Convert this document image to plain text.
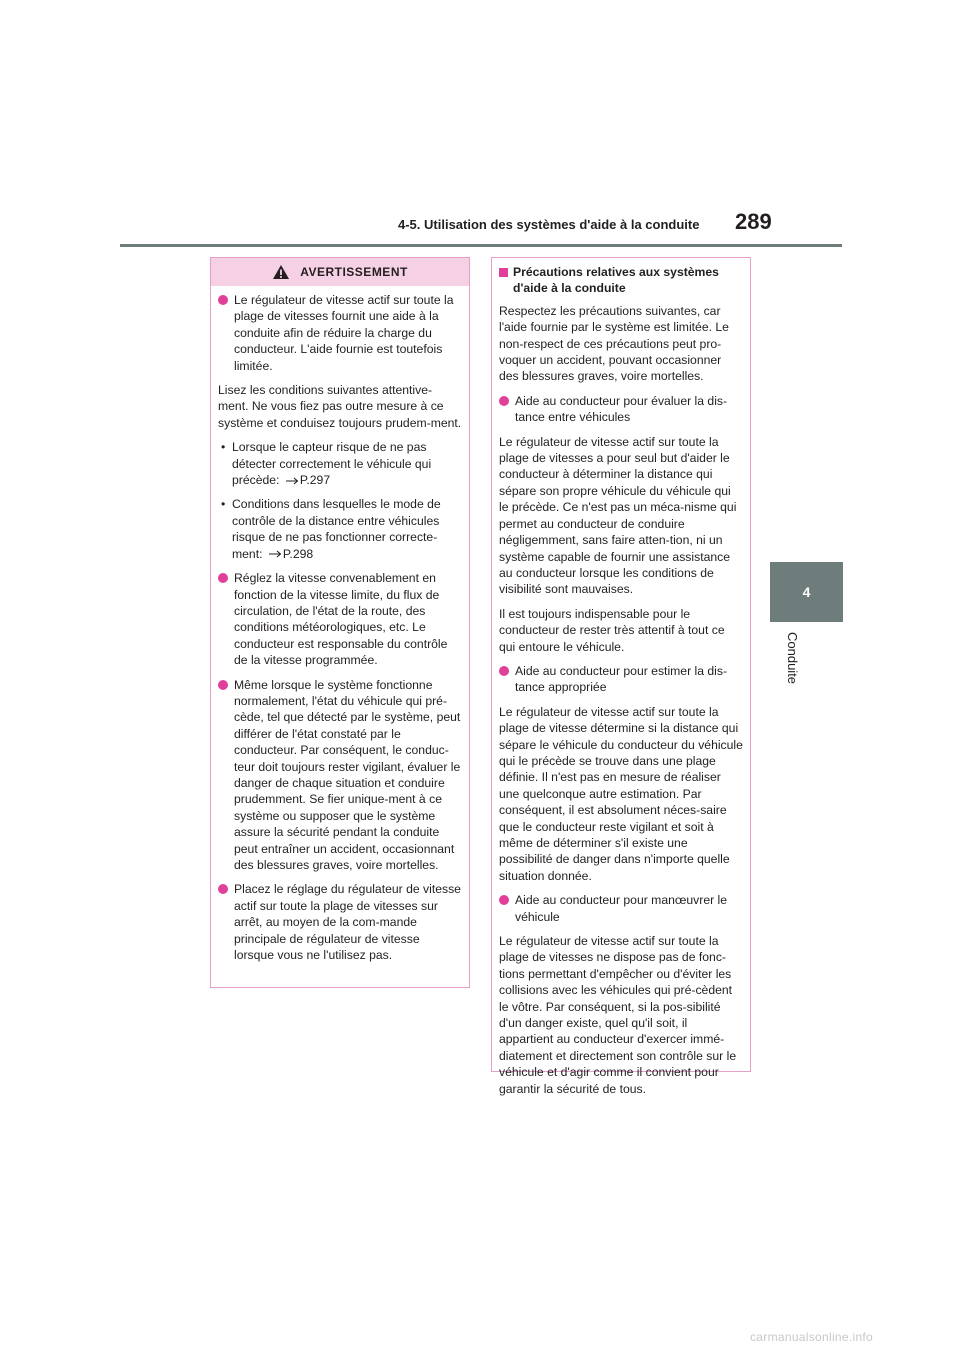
4-5. Utilisation des systèmes d'aide à la conduite 289
4
Conduite
AVERTISSEMENT
Le régulateur de vitesse actif sur toute la plage de vitesses fournit une aide à la conduite afin de réduire la charge du conducteur. L'aide fournie est toutefois limitée.

Lisez les conditions suivantes attentive-ment. Ne vous fiez pas outre mesure à ce système et conduisez toujours prudem-ment.

• Lorsque le capteur risque de ne pas détecter correctement le véhicule qui précède: P.297
• Conditions dans lesquelles le mode de contrôle de la distance entre véhicules risque de ne pas fonctionner correcte-ment: P.298
Réglez la vitesse convenablement en fonction de la vitesse limite, du flux de circulation, de l'état de la route, des conditions météorologiques, etc. Le conducteur est responsable du contrôle de la vitesse programmée.
Même lorsque le système fonctionne normalement, l'état du véhicule qui pré-cède, tel que détecté par le système, peut différer de l'état constaté par le conducteur. Par conséquent, le conduc-teur doit toujours rester vigilant, évaluer le danger de chaque situation et conduire prudemment. Se fier unique-ment à ce système ou supposer que le système assure la sécurité pendant la conduite peut entraîner un accident, occasionnant des blessures graves, voire mortelles.
Placez le réglage du régulateur de vitesse actif sur toute la plage de vitesses sur arrêt, au moyen de la com-mande principale de régulateur de vitesse lorsque vous ne l'utilisez pas.
Précautions relatives aux systèmes d'aide à la conduite

Respectez les précautions suivantes, car l'aide fournie par le système est limitée. Le non-respect de ces précautions peut pro-voquer un accident, pouvant occasionner des blessures graves, voire mortelles.

Aide au conducteur pour évaluer la dis-tance entre véhicules

Le régulateur de vitesse actif sur toute la plage de vitesses a pour seul but d'aider le conducteur à déterminer la distance qui sépare son propre véhicule du véhicule qui le précède. Ce n'est pas un méca-nisme qui permet au conducteur de conduire négligemment, sans faire atten-tion, ni un système capable de fournir une assistance au conducteur lorsque les conditions de visibilité sont mauvaises.

Il est toujours indispensable pour le conducteur de rester très attentif à tout ce qui entoure le véhicule.

Aide au conducteur pour estimer la dis-tance appropriée

Le régulateur de vitesse actif sur toute la plage de vitesse détermine si la distance qui sépare le véhicule du conducteur du véhicule qui le précède se trouve dans une plage définie. Il n'est pas en mesure de réaliser une quelconque autre estimation. Par conséquent, il est absolument néces-saire que le conducteur reste vigilant et soit à même de déterminer s'il existe une possibilité de danger dans n'importe quelle situation donnée.

Aide au conducteur pour manœuvrer le véhicule

Le régulateur de vitesse actif sur toute la plage de vitesses ne dispose pas de fonc-tions permettant d'empêcher ou d'éviter les collisions avec les véhicules qui pré-cèdent le vôtre. Par conséquent, si la pos-sibilité d'un danger existe, quel qu'il soit, il appartient au conducteur d'exercer immé-diatement et directement son contrôle sur le véhicule et d'agir comme il convient pour garantir la sécurité de tous.

carmanualsonline.info
